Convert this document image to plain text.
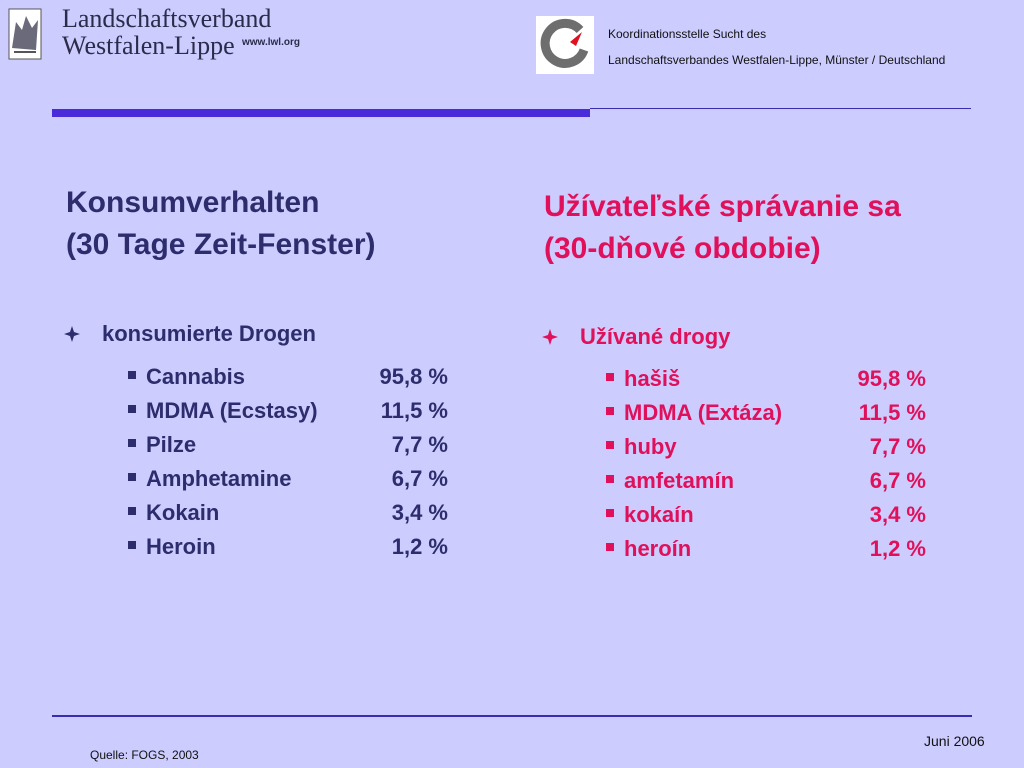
Landschaftsverband
Westfalen-Lippe www.lwl.org
Koordinationsstelle Sucht des
Landschaftsverbandes Westfalen-Lippe, Münster / Deutschland
Konsumverhalten
(30 Tage Zeit-Fenster)
Užívateľské správanie sa
(30-dňové obdobie)
konsumierte Drogen
Cannabis	95,8 %
MDMA (Ecstasy)	11,5 %
Pilze	7,7 %
Amphetamine	6,7 %
Kokain	3,4 %
Heroin	1,2 %
Užívané drogy
hašiš	95,8 %
MDMA (Extáza)	11,5 %
huby	7,7 %
amfetamín	6,7 %
kokaín	3,4 %
heroín	1,2 %
Quelle: FOGS, 2003
Juni 2006
